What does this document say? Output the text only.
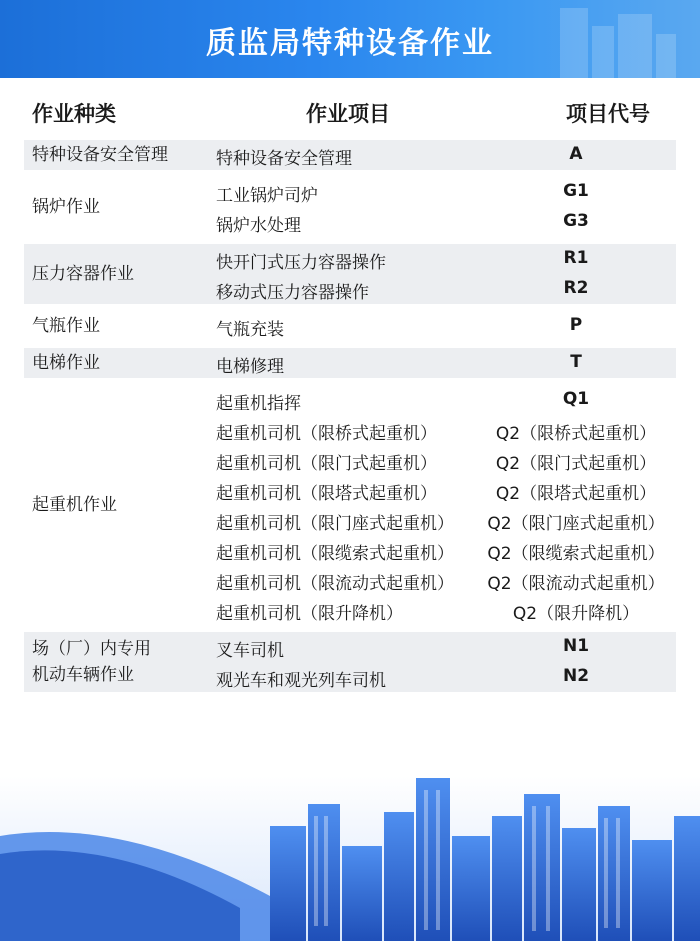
质监局特种设备作业
作业种类	作业项目	项目代号
特种设备安全管理	特种设备安全管理	A
锅炉作业
工业锅炉司炉	G1
锅炉水处理	G3
压力容器作业
快开门式压力容器操作	R1
移动式压力容器操作	R2
气瓶作业	气瓶充装	P
电梯作业	电梯修理	T
起重机作业
起重机指挥	Q1
起重机司机（限桥式起重机）	Q2（限桥式起重机）
起重机司机（限门式起重机）	Q2（限门式起重机）
起重机司机（限塔式起重机）	Q2（限塔式起重机）
起重机司机（限门座式起重机）	Q2（限门座式起重机）
起重机司机（限缆索式起重机）	Q2（限缆索式起重机）
起重机司机（限流动式起重机）	Q2（限流动式起重机）
起重机司机（限升降机）	Q2（限升降机）
场（厂）内专用
机动车辆作业
叉车司机	N1
观光车和观光列车司机	N2
